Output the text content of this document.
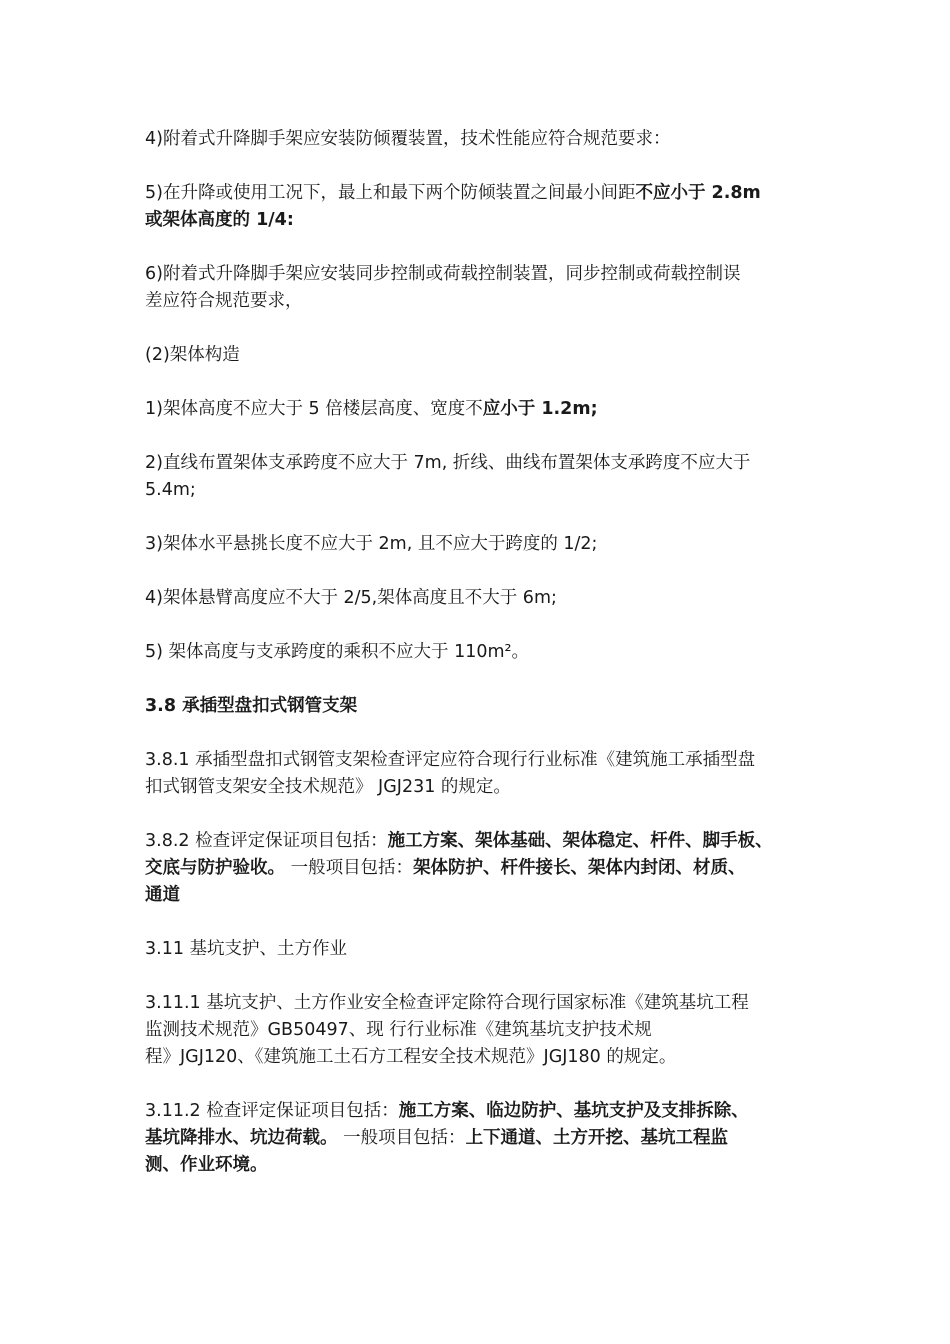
4)附着式升降脚手架应安装防倾覆装置，技术性能应符合规范要求：

5)在升降或使用工况下，最上和最下两个防倾装置之间最小间距不应小于 2.8m
或架体高度的 1/4:

6)附着式升降脚手架应安装同步控制或荷载控制装置，同步控制或荷载控制误
差应符合规范要求，

(2)架体构造

1)架体高度不应大于 5 倍楼层高度、宽度不应小于 1.2m;

2)直线布置架体支承跨度不应大于 7m, 折线、曲线布置架体支承跨度不应大于
5.4m;

3)架体水平悬挑长度不应大于 2m, 且不应大于跨度的 1/2;

4)架体悬臂高度应不大于 2/5,架体高度且不大于 6m;

5) 架体高度与支承跨度的乘积不应大于 110m²。

3.8 承插型盘扣式钢管支架

3.8.1 承插型盘扣式钢管支架检查评定应符合现行行业标准《建筑施工承插型盘
扣式钢管支架安全技术规范》 JGJ231 的规定。

3.8.2 检查评定保证项目包括：施工方案、架体基础、架体稳定、杆件、脚手板、
交底与防护验收。 一般项目包括：架体防护、杆件接长、架体内封闭、材质、
通道

3.11 基坑支护、土方作业

3.11.1 基坑支护、土方作业安全检查评定除符合现行国家标准《建筑基坑工程
监测技术规范》GB50497、现 行行业标准《建筑基坑支护技术规
程》JGJ120、《建筑施工土石方工程安全技术规范》JGJ180 的规定。

3.11.2 检查评定保证项目包括：施工方案、临边防护、基坑支护及支排拆除、
基坑降排水、坑边荷载。 一般项目包括：上下通道、土方开挖、基坑工程监
测、作业环境。
